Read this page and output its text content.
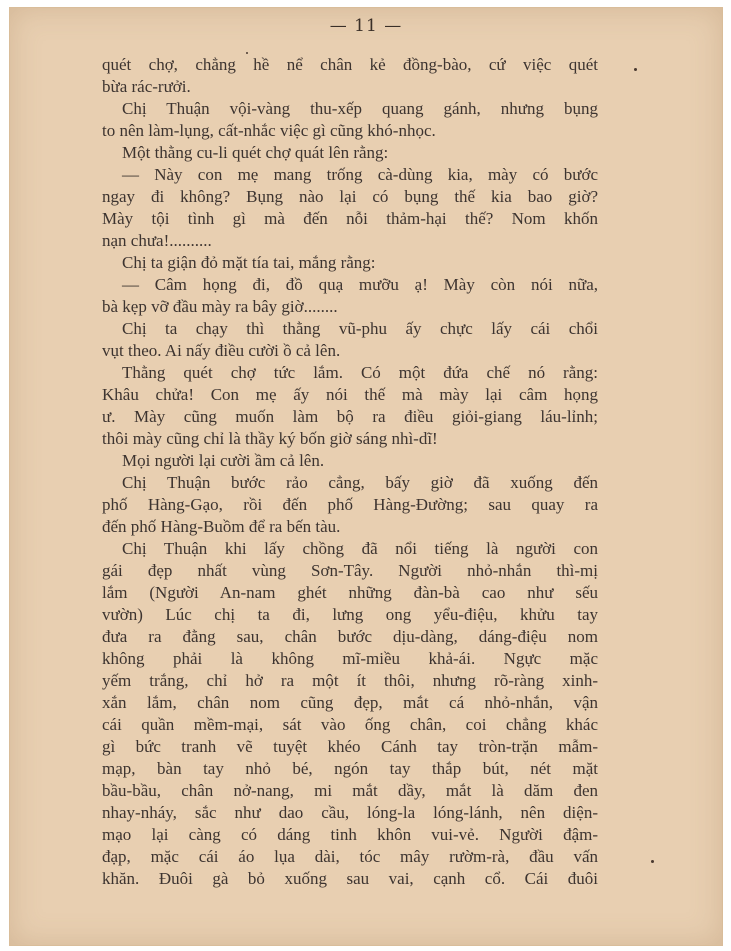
— 11 —
quét chợ, chẳng hề nể chân kẻ đồng-bào, cứ việc quét
bừa rác-rưởi.
Chị Thuận vội-vàng thu-xếp quang gánh, nhưng bụng
to nên làm-lụng, cất-nhắc việc gì cũng khó-nhọc.
Một thằng cu-li quét chợ quát lên rằng:
— Này con mẹ mang trống cà-dùng kia, mày có bước
ngay đi không? Bụng nào lại có bụng thế kia bao giờ?
Mày tội tình gì mà đến nỗi thảm-hại thế? Nom khốn
nạn chưa!..........
Chị ta giận đỏ mặt tía tai, mắng rằng:
— Câm họng đi, đồ quạ mưỡu ạ! Mày còn nói nữa,
bà kẹp vỡ đầu mày ra bây giờ........
Chị ta chạy thì thằng vũ-phu ấy chực lấy cái chổi
vụt theo. Ai nấy điều cười ồ cả lên.
Thằng quét chợ tức lắm. Có một đứa chế nó rằng:
Khâu chửa! Con mẹ ấy nói thế mà mày lại câm họng
ư. Mày cũng muốn làm bộ ra điều giỏi-giang láu-lỉnh;
thôi mày cũng chỉ là thầy ký bốn giờ sáng nhì-dĩ!
Mọi người lại cười ầm cả lên.
Chị Thuận bước rảo cẳng, bấy giờ đã xuống đến
phố Hàng-Gạo, rồi đến phố Hàng-Đường; sau quay ra
đến phố Hàng-Buồm để ra bến tàu.
Chị Thuận khi lấy chồng đã nổi tiếng là người con
gái đẹp nhất vùng Sơn-Tây. Người nhỏ-nhắn thì-mị
lắm (Người An-nam ghét những đàn-bà cao như sếu
vườn) Lúc chị ta đi, lưng ong yểu-điệu, khửu tay
đưa ra đằng sau, chân bước dịu-dàng, dáng-điệu nom
không phải là không mĩ-miều khả-ái. Ngực mặc
yếm trắng, chỉ hở ra một ít thôi, nhưng rõ-ràng xinh-
xắn lắm, chân nom cũng đẹp, mắt cá nhỏ-nhắn, vận
cái quần mềm-mại, sát vào ống chân, coi chẳng khác
gì bức tranh vẽ tuyệt khéo Cánh tay tròn-trặn mẫm-
mạp, bàn tay nhỏ bé, ngón tay thắp bút, nét mặt
bầu-bầu, chân nở-nang, mi mắt dầy, mắt là dăm đen
nhay-nháy, sắc như dao cầu, lóng-la lóng-lánh, nên diện-
mạo lại càng có dáng tinh khôn vui-vẻ. Người đậm-
đạp, mặc cái áo lụa dài, tóc mây rườm-rà, đầu vấn
khăn. Đuôi gà bỏ xuống sau vai, cạnh cổ. Cái đuôi
